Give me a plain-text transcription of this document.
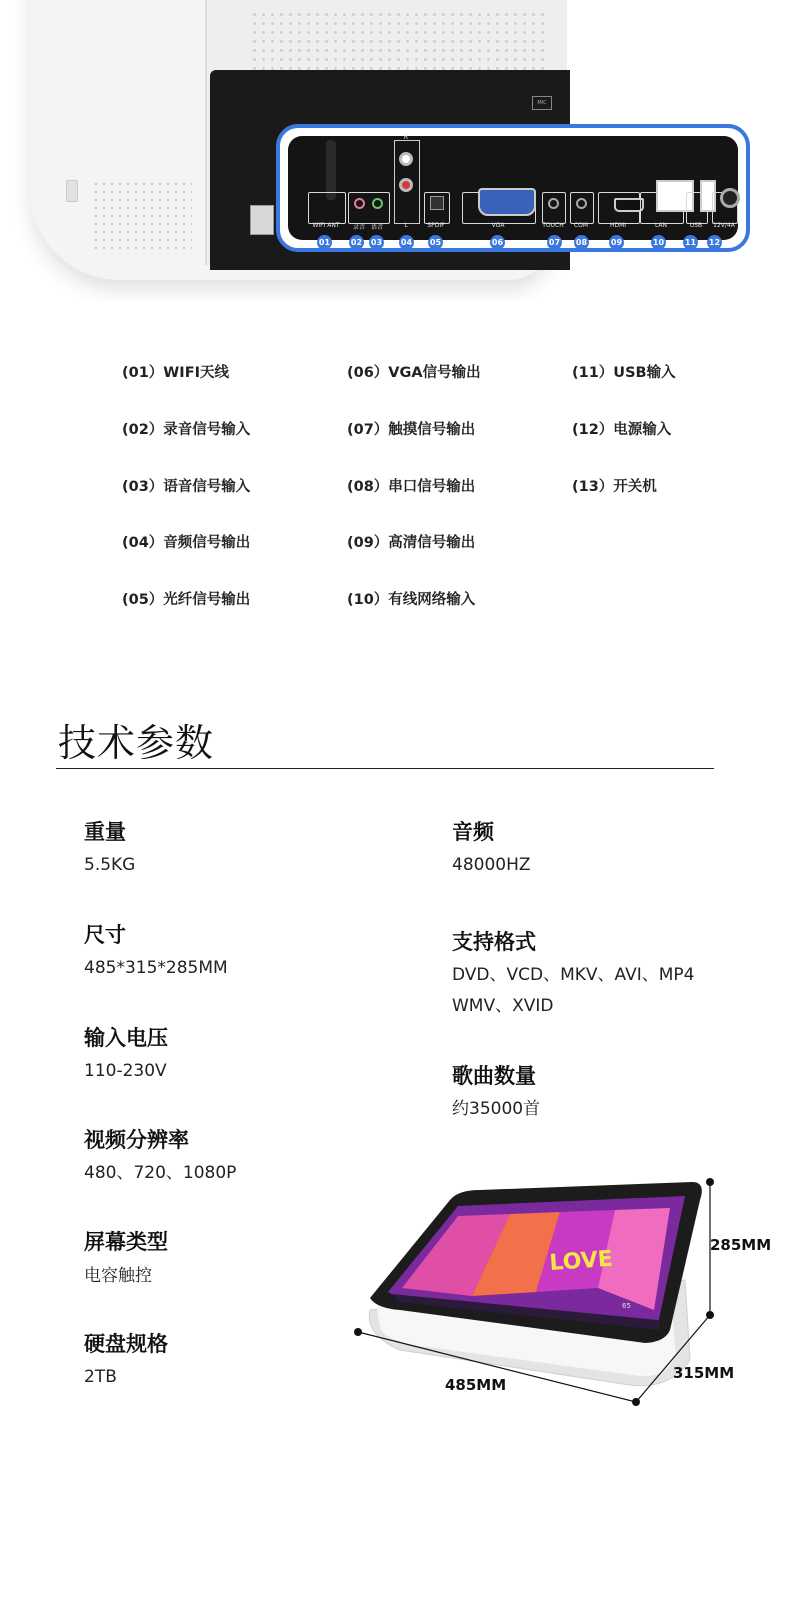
MIC
WIFI ANT	录音 语音	L
R
SPDIF	VGA	TOUCH	COM	HDMI	LAN	USB	12V/4A
01	02 03 04 05	06	07 08	09	10	11 12
(01）WIFI天线
(02）录音信号输入
(03）语音信号输入
(04）音频信号输出
(05）光纤信号输出
(06）VGA信号输出
(07）触摸信号输出
(08）串口信号输出
(09）高清信号输出
(10）有线网络输入
(11）USB输入
(12）电源输入
(13）开关机
技术参数
重量
5.5KG
尺寸
485*315*285MM
输入电压
110-230V
视频分辨率
480、720、1080P
屏幕类型
电容触控
硬盘规格
2TB
音频
48000HZ
支持格式
DVD、VCD、MKV、AVI、MP4
WMV、XVID
歌曲数量
约35000首
LOVE
65
285MM
485MM
315MM
